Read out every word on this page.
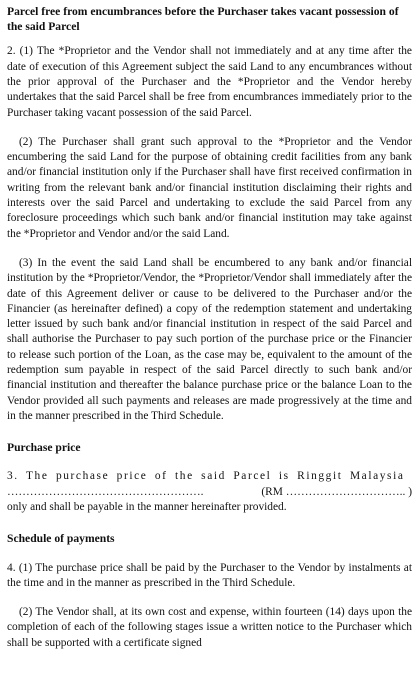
Parcel free from encumbrances before the Purchaser takes vacant possession of the said Parcel

2. (1) The *Proprietor and the Vendor shall not immediately and at any time after the date of execution of this Agreement subject the said Land to any encumbrances without the prior approval of the Purchaser and the *Proprietor and the Vendor hereby undertakes that the said Parcel shall be free from encumbrances immediately prior to the Purchaser taking vacant possession of the said Parcel.

(2) The Purchaser shall grant such approval to the *Proprietor and the Vendor encumbering the said Land for the purpose of obtaining credit facilities from any bank and/or financial institution only if the Purchaser shall have first received confirmation in writing from the relevant bank and/or financial institution disclaiming their rights and interests over the said Parcel and undertaking to exclude the said Parcel from any foreclosure proceedings which such bank and/or financial institution may take against the *Proprietor and Vendor and/or the said Land.

(3) In the event the said Land shall be encumbered to any bank and/or financial institution by the *Proprietor/Vendor, the *Proprietor/Vendor shall immediately after the date of this Agreement deliver or cause to be delivered to the Purchaser and/or the Financier (as hereinafter defined) a copy of the redemption statement and undertaking letter issued by such bank and/or financial institution in respect of the said Parcel and shall authorise the Purchaser to pay such portion of the purchase price or the Financier to release such portion of the Loan, as the case may be, equivalent to the amount of the redemption sum payable in respect of the said Parcel directly to such bank and/or financial institution and thereafter the balance purchase price or the balance Loan to the Vendor provided all such payments and releases are made progressively at the time and in the manner prescribed in the Third Schedule.

Purchase price

3. The purchase price of the said Parcel is Ringgit Malaysia

…………………………………………….	(RM ………………………….. )

only and shall be payable in the manner hereinafter provided.

Schedule of payments

4. (1) The purchase price shall be paid by the Purchaser to the Vendor by instalments at the time and in the manner as prescribed in the Third Schedule.

(2) The Vendor shall, at its own cost and expense, within fourteen (14) days upon the completion of each of the following stages issue a written notice to the Purchaser which shall be supported with a certificate signed
